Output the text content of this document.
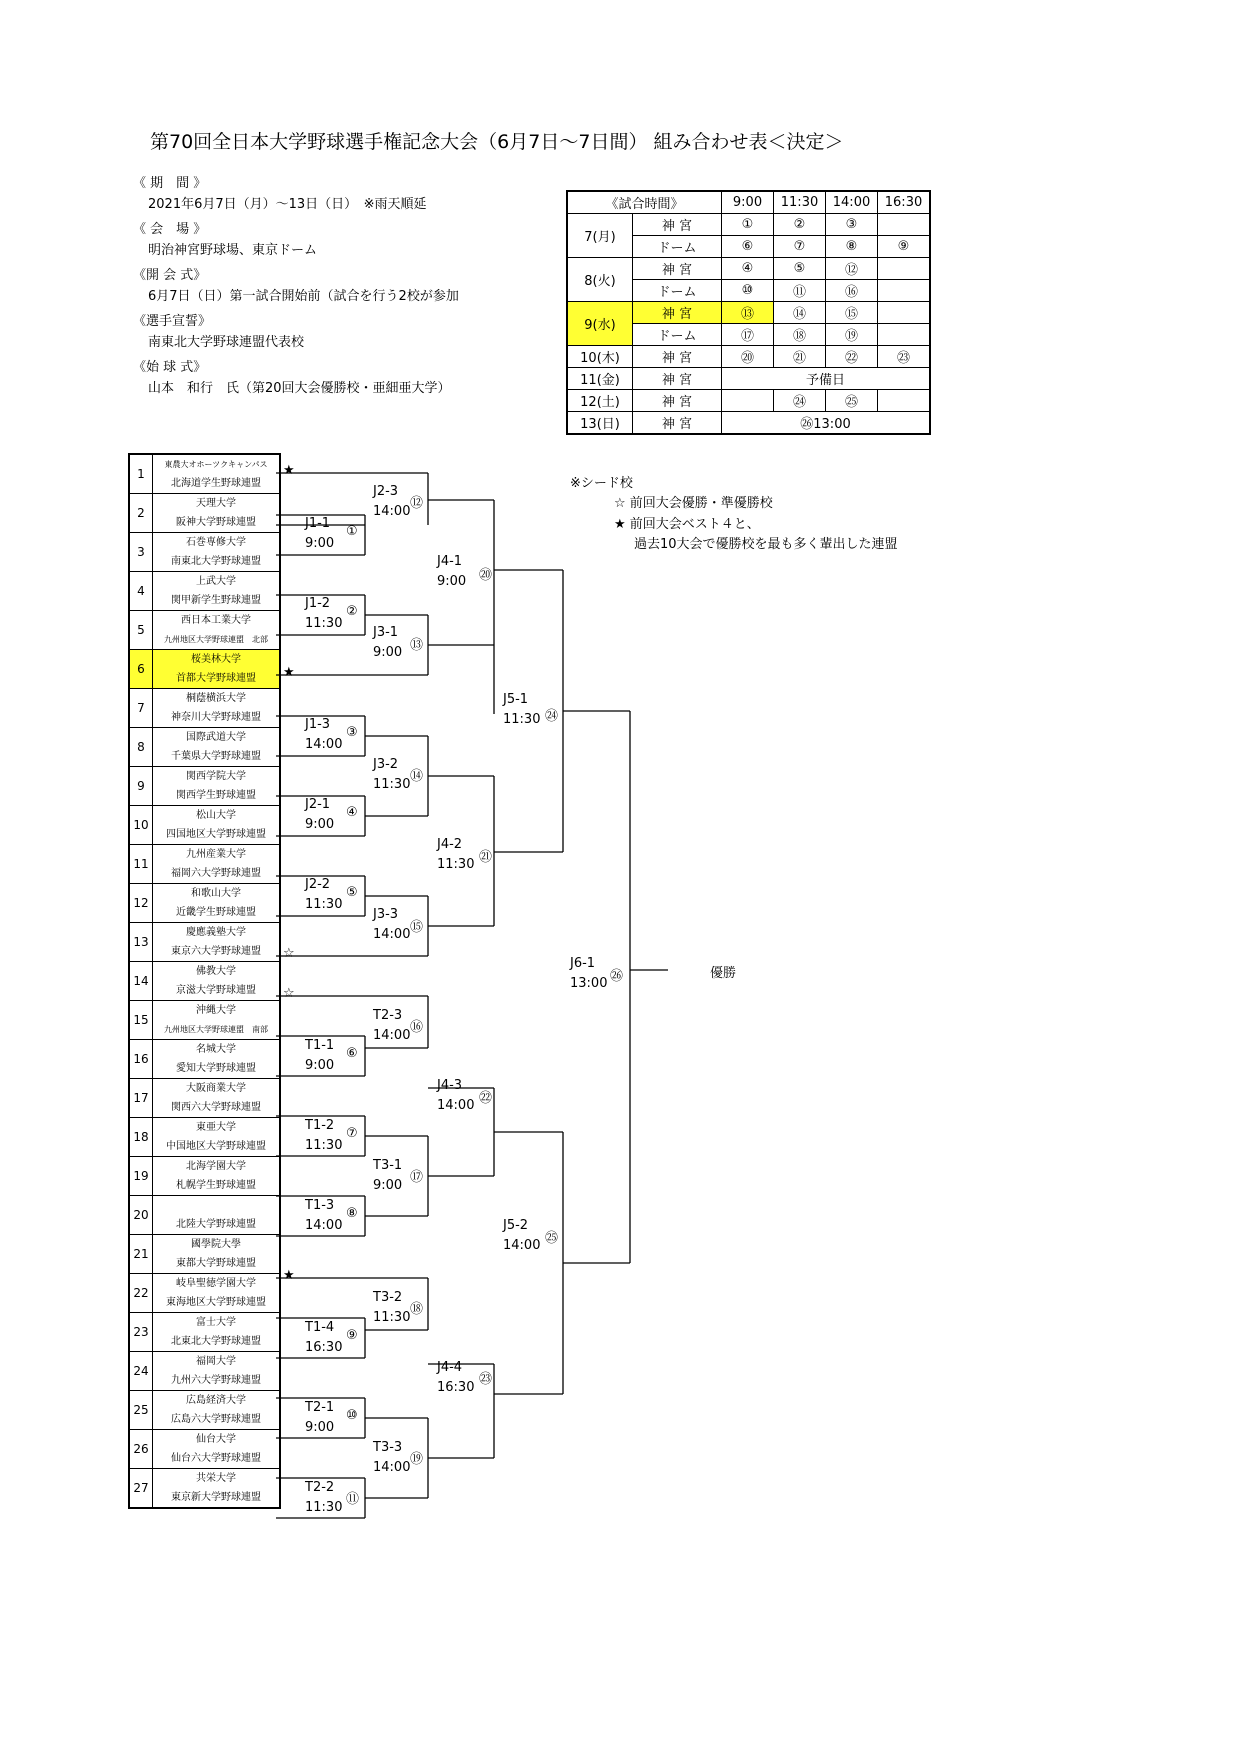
第70回全日本大学野球選手権記念大会（6月7日～7日間） 組み合わせ表＜決定＞
《 期　間 》
2021年6月7日（月）～13日（日）　※雨天順延
《 会　場 》
明治神宮野球場、東京ドーム
《開 会 式》
6月7日（日）第一試合開始前（試合を行う2校が参加
《選手宣誓》
南東北大学野球連盟代表校
《始 球 式》
山本　和行　氏（第20回大会優勝校・亜細亜大学）
《試合時間》		9:00	11:30	14:00	16:30
7(月)	神 宮	①	②	③	
	ドーム	⑥	⑦	⑧	⑨
8(火)	神 宮	④	⑤	⑫	
	ドーム	⑩	⑪	⑯	
9(水)	神 宮	⑬	⑭	⑮	
	ドーム	⑰	⑱	⑲	
10(木)	神 宮	⑳	㉑	㉒	㉓
11(金)	神 宮	予備日			
12(土)	神 宮		㉔	㉕	
13(日)	神 宮	㉖13:00			
1	東農大オホーツクキャンパス
北海道学生野球連盟

2	天理大学
阪神大学野球連盟

3	石巻専修大学
南東北大学野球連盟

4	上武大学
関甲新学生野球連盟

5	西日本工業大学
九州地区大学野球連盟　北部

6	桜美林大学
首都大学野球連盟

7	桐蔭横浜大学
神奈川大学野球連盟

8	国際武道大学
千葉県大学野球連盟

9	関西学院大学
関西学生野球連盟

10	松山大学
四国地区大学野球連盟

11	九州産業大学
福岡六大学野球連盟

12	和歌山大学
近畿学生野球連盟

13	慶應義塾大学
東京六大学野球連盟

14	佛教大学
京滋大学野球連盟

15	沖縄大学
九州地区大学野球連盟　南部

16	名城大学
愛知大学野球連盟

17	大阪商業大学
関西六大学野球連盟

18	東亜大学
中国地区大学野球連盟

19	北海学園大学
札幌学生野球連盟

20	北陸大学野球連盟

21	國學院大學
東都大学野球連盟

22	岐阜聖徳学園大学
東海地区大学野球連盟

23	富士大学
北東北大学野球連盟

24	福岡大学
九州六大学野球連盟

25	広島経済大学
広島六大学野球連盟

26	仙台大学
仙台六大学野球連盟

27	共栄大学
東京新大学野球連盟
J2-3
14:00
⑫
J1-1
9:00
①
J4-1
9:00 ⑳
J1-2
11:30
②
J3-1
9:00 ⑬
J5-1
11:30 ㉔
J1-3
14:00
③
J3-2
11:30
⑭
J2-1
9:00
④
J4-2
11:30 ㉑
J2-2
11:30
⑤
J3-3
14:00 ⑮
J6-1
13:00 ㉖
T2-3
14:00
⑯
T1-1
9:00
⑥
J4-3
14:00 ㉒
T1-2
11:30
⑦
T3-1
9:00
⑰
J5-2
14:00 ㉕
T1-3
14:00
⑧
T3-2
11:30
⑱
T1-4
16:30
⑨
J4-4
16:30
㉓
T2-1
9:00
⑩
T3-3
14:00
⑲
T2-2
11:30
⑪
★
★
☆
☆
★
優勝
※シード校
☆ 前回大会優勝・準優勝校
★ 前回大会ベスト４と、
過去10大会で優勝校を最も多く輩出した連盟
